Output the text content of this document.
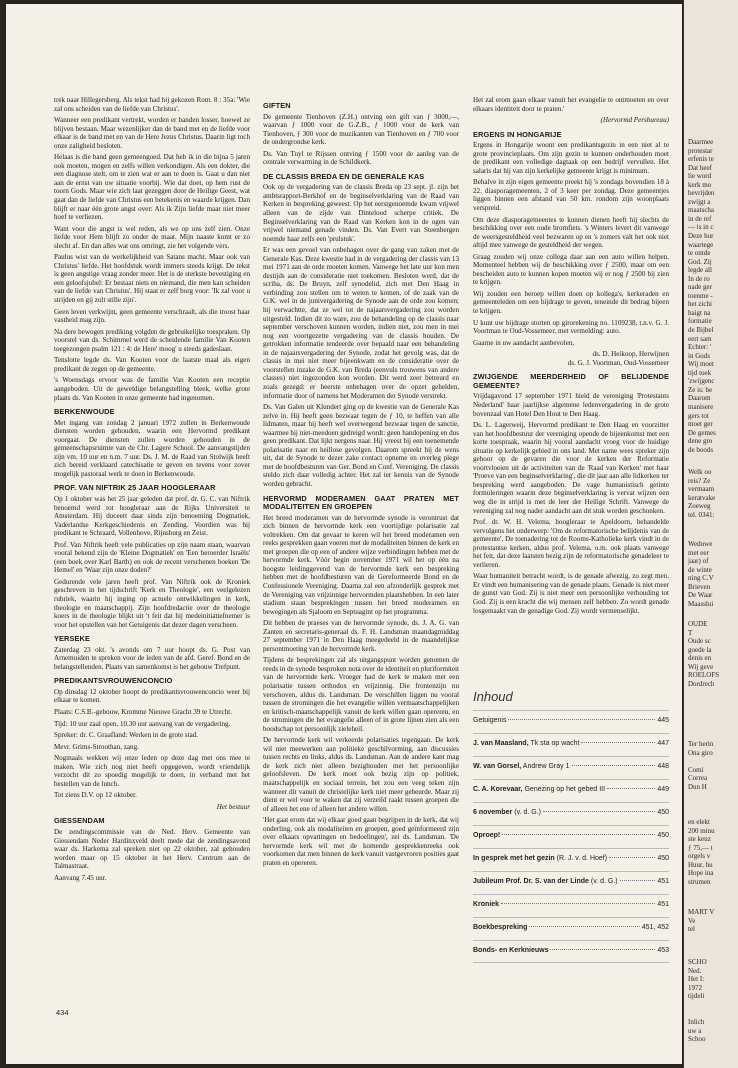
trek naar Hillegersberg. Als tekst had hij gekozen Rom. 8 : 35a: 'Wie zal ons scheiden van de liefde van Christus'.

Wanneer een predikant vertrekt, worden er banden losser, hoewel ze blijven bestaan. Maar wezenlijker dan de band met en de liefde voor elkaar is de band met en van de Here Jezus Christus. Daarin ligt toch onze zaligheid besloten.

Helaas is die band geen gemeengoed. Dat heb ik in die bijna 5 jaren ook moeten, mogen en zelfs willen verkondigen. Als een dokter, die een diagnose stelt, om te zien wat er aan te doen is. Gaat u dan niet aan de ernst van uw situatie voorbij. Wie dat doet, op hem rust de toorn Gods. Maar wie zich laat gezeggen door de Heilige Geest, wat gaat dan de liefde van Christus een betekenis en waarde krijgen. Dan blijft er naar één grote angst over: Als ik Zijn liefde maar niet meer hoef te verliezen.

Want voor die angst is wel reden, als we op ons zelf zien. Onze liefde voor Hem blijft zo onder de maat. Mijn naaste komt er zo slecht af. En dan alles wat ons omringt, zie het volgende vers.

Paulus wist van de werkelijkheid van Satans macht. Maar ook van Christus' liefde. Het hoofdstuk wordt immers steeds krijgt. De tekst is geen angstige vraag zonder meer. Het is de sterkste bevestiging en een geloofsjubel: Er bestaat niets en niemand, die men kan scheiden van de liefde van Christus'. Hij staat er zelf borg voor: 'Ik zal voor u strijden en gij zult stille zijn'.

Geen leven verkwijnt, geen gemeente verschraalt, als die troost haar vastheid mag zijn.

Na dere bewogen prediking volgden de gebruikelijke toespraken. Op voorstel van ds. Schimmel werd de scheidende familie Van Kooten toegezongen psalm 121 : 4: de Here' moog' u steeds gadeslaan.

Tenslotte legde ds. Van Kooten voor de laatste maal als eigen predikant de zegen op de gemeente.

's Woensdags ervoor was de familie Van Kooten een receptie aangeboden. Uit de geweldige belangstelling bleek, welke grote plaats ds. Van Kooten in onze gemeente had ingenomen.

BERKENWOUDE

Met ingang van zondag 2 januari 1972 zullen in Berkenwoude diensten worden gehouden, waarin een Hervormd predikant voorgaat. De diensten zullen worden gehouden in de gemeenschapsruimte van de Chr. Lagere School. De aanvangstijden zijn vm. 10 uur en n.m. 7 uur. Ds. J. M. de Raad van Stolwijk heeft zich bereid verklaard catechisatie te geven en tevens voor zover mogelijk pastoraal werk te doen in Berkenwoude.

PROF. VAN NIFTRIK 25 JAAR HOOGLERAAR

Op 1 oktober was het 25 jaar geleden dat prof. dr. G. C. van Niftrik benoemd werd tot hoogleraar aan de Rijks Universiteit te Amsterdam. Hij doceert daar sinds zijn benoeming Dogmatiek, Vaderlandse Kerkgeschiedenis en Zending. Voordien was hij predikant te Schraard, Vollenhove, Rijnsburg en Zeist.

Prof. Van Niftrik heeft vele publicaties op zijn naam staan, waarvan vooral bekend zijn de 'Kleine Dogmatiek' en 'Een beroerder Israëls' (een boek over Karl Barth) en ook de recent verschenen boeken 'De Hemel' en 'Waar zijn onze doden?'

Gedurende vele jaren heeft prof. Van Niftrik ook de Kroniek geschreven in het tijdschrift 'Kerk en Theologie', een veelgelezen rubriek, waarin hij inging op actuele ontwikkelingen in kerk, theologie en maatschappij. Zijn hoofdredactie over de theologie koers in de theologie blijkt uit 't feit dat hij medeinitiatiefnemer is voor het opstellen van het Getuigenis dat dezer dagen verscheen.

YERSEKE

Zaterdag 23 okt. 's avonds om 7 uur hoopt ds. G. Post van Arnemuiden te spreken voor de leden van de afd. Geref. Bond en de belangstellenden. Plaats van samenkomst is het gebouw Trefpunt.

PREDIKANTSVROUWENCONCIO

Op dinsdag 12 oktober hoopt de predikantsvrouwenconcio weer bij elkaar te komen.

Plaats: C.S.B.-gebouw, Kromme Nieuwe Gracht 39 te Utrecht.

Tijd: 10 uur zaal open, 10.30 uur aanvang van de vergadering.

Spreker: dr. C. Graafland: Werken in de grote stad.

Mevr. Grims-Stroothan, zang.

Nogmaals wekken wij onze leden op deze dag met ons mee te maken. Wie zich nog niet heeft opgegeven, wordt vriendelijk verzocht dit zo spoedig mogelijk te doen, in verband met het bestellen van de lunch.

Tot ziens D.V. op 12 oktober.

Het bestuur

GIESSENDAM

De zendingscommissie van de Ned. Herv. Gemeente van Giessendam Neder Hardinxveld deelt mede dat de zendingsavond waar ds. Harkema zal spreken niet op 22 oktober, zal gehouden worden maar op 15 oktober in het Herv. Centrum aan de Talmastraat.

Aanvang 7.45 uur.

GIFTEN

De gemeente Tienhoven (Z.H.) ontving een gift van ƒ 3000,—, waarvan ƒ 1000 voor de G.Z.B., ƒ 1000 voor de kerk van Tienhoven, ƒ 300 voor de muzikanten van Tienhoven en ƒ 700 voor de ondergrondse kerk.

Ds. Van Tuyl te Rijssen ontving ƒ 1500 voor de aanleg van de centrale verwarming in de Schildkerk.

DE CLASSIS BREDA EN DE GENERALE KAS

Ook op de vergadering van de classis Breda op 23 sept. jl. zijn het ambtsrapport-Berkhof en de beginselverklaring van de Raad van Kerken in bespreking geweest. Op het eerstgenoemde kwam vrijwel alleen van de zijde van Dintelood scherpe critiek. De Beginselverklaring van de Raad van Kerken kon in de ogen van vrijwel niemand genade vinden. Ds. Van Evert van Steenbergen noemde haar zelfs een 'prulstuk'.

Er was een gevoel van onbehagen over de gang van zaken met de Generale Kas. Deze kwestie had in de vergadering der classis van 13 mei 1971 aan de orde moeten komen. Vanwege het late uur kon men destijds aan de consideratie niet toekomen. Besloten werd, dat de scriba, ds. De Bruyn, zelf synodelid, zich met Den Haag in verbinding zou stellen om te weten te komen, of de zaak van de G.K. wel in de junivergadering de Synode aan de orde zou komen; hij verwachtte, dat ze wel tot de najaarsvergadering zou worden uitgesteld. Indien dit zo ware, zou de behandeling op de classis naar september verschoven kunnen worden, indien niet, zou men in mei nog een voortgezette vergadering van de classis houden. De getrokken informatie tendeerde over bepaald naar een behandeling in de najaarsvergadering der Synode, zodat het gevolg was, dat de classis in mei niet meer bijeenkwam en de consideratie over de voorstellen inzake de G.K. van Breda (eenvuls trouwens van andere classes) niet ingezonden kon worden. Dit werd zeer betreurd en zoals gezegd: er heerste onbehagen over de opzet gehelden, informatie door of namens het Moderamen der Synode verstrekt.

Ds. Van Galen uit Klundert ging op de kwestie van de Generale Kas zelve in. Hij heeft geen bezwaar tegen de ƒ 10, te heffen van alle lidmaten, maar hij heeft wel overwegend bezwaar tegen de sanctie, waarmee hij niet-meedoen gedreigd wordt: geen handopening en dus geen predikant. Dat lijkt nergens naar. Hij vreest bij een toenemende polarisatie naar en heillose gevolgen. Daarom spreekt hij de wens uit, dat de Synode te dezer zake contact opneme en overleg plege met de hoofdbesturen van Ger. Bond en Conf. Vereniging. De classis steldo zich daar volledig achter. Het zal ter kennis van de Synode worden gebracht.

HERVORMD MODERAMEN GAAT PRATEN MET MODALITEITEN EN GROEPEN

Het breed moderamen van de hervormde synode is verontrust dat zich binnen de hervormde kerk een voortijdige polarisatie zal voltrekken. Om dat gevaar te keren wil het breed moderamen een reeks gesprekken gaan voeren met de modaliteiten binnen de kerk en met groepen die op een of andere wijze verbindingen hebben met de hervormde kerk. Vóór begin november 1971 wil het op één na hoogste leidinggevend van de hervormde kerk een bespreking hebben met de hoofdbesturen van de Gereformeerde Bond en de Confessionele Vereniging. Daarna zal een afzonderlijk gesprek met de Vereniging van vrijzinnige hervormden plaatshebben. In een later stadium staan besprekingen tussen het breed moderamen en bewegingen als Sjaloom en Septuagint op het programma.

Dit hebben de praeses van de hervormde synode, ds. J. A. G. van Zanten en secretaris-generaal ds. F. H. Landsman maandagmiddag 27 september 1971 in Den Haag meegedeeld in de maandelijkse persontmoeting van de hervormde kerk.

Tijdens de besprekingen zal als uitgangspunt worden genomen de reeds in de synode besproken nota over de identiteit en pluriformiteit van de hervormde kerk. Vroeger had de kerk te maken met een polarisatie tussen orthodox en vrijzinnig. Die frontenzijn nu verschoven, aldus ds. Landsman. De verschillen liggen nu vooral tussen de stromingen die het evangelie willen vermaatschappelijken en kritisch-maatschappelijk vanuit de kerk willen gaan opereren, en de stromingen die het evangelie alleen of in grote lijnen zien als een boodschap tot persoonlijk zieleheil.

De hervormde kerk wil verkeerde polarisaties tegengaan. De kerk wil niet meewerken aan politieke geschilvorming, aan discussies tussen rechts en links, aldus ds. Landsman. Aan de andere kant mag de kerk zich niet alleen bezighouden met het persoonlijke geloofsleven. De kerk moet ook bezig zijn op politiek, maatschappelijk en sociaal terrein, het zou een veeg teken zijn wanneer dit vanuit de christelijke kerk niet meer gebeurde. Maar zij dient er wel voor te waken dat zij verzeild raakt tussen groepen die of alleen het ene of alleen het andere willen.

'Het gaat erom dat wij elkaar goed gaan begrijpen in de kerk, dat wij onderling, ook als modaliteiten en groepen, goed geïnformeerd zijn over elkaars opvattingen en bedoelingen', zei ds. Landsman. 'De hervormde kerk wil met de komende gesprekkenreeks ook voorkomen dat men binnen de kerk vanuit vastgevroren posities gaat praten en opereren.

Het zal erom gaan elkaar vanuit het evangelie te ontmoeten en over elkaars identiteit door te praten.'

(Hervormd Persbureau)

ERGENS IN HONGARIJE

Ergens in Hongarije woont een predikantsgezin in een niet al te grote provincieplaats. Om zijn gezin te kunnen onderhouden moet de predikant een volledige dagtaak op een bedrijf vervullen. Het salaris dat hij van zijn kerkelijke gemeente krijgt is minimum.

Behalve in zijn eigen gemeente preekt hij 's zondags bovendien 18 à 22. diasporagemeenten, 2 of 3 keer per zondag. Deze gemeentjes liggen binnen een afstand van 50 km. rondom zijn woonplaats verspreid.

Om deze diasporagemeentes te kunnen dienen heeft hij slechts de beschikking over een oude bromfiets. 's Winters levert dit vanwege de weersgesteldheid veel bezwaren op en 's zomers valt het ook niet altijd mee vanwege de gesteldheid der wegen.

Graag zouden wij onze collega daar aan een auto willen helpen. Momenteel hebben wij de beschikking over ƒ 2500, maar om een bescheiden auto te kunnen kopen moeten wij er nog ƒ 2500 bij zien te krijgen.

Wij zouden een beroep willen doen op kollega's, kerkeraden en gemeenteleden om een bijdrage te geven, teneinde dit bedrag bijeen te krijgen.

U kunt uw bijdrage storten op girorekening no. 1109238, t.n.v. G. J. Voortman te Oud-Vossemeer, met vermelding: auto.

Gaarne in uw aandacht aanbevolen,

ds. D. Heikoop, Herwijnen

ds. G. J. Voortman, Oud-Vossemeer

ZWIJGENDE MEERDERHEID OF BELIJDENDE GEMEENTE?

Vrijdagavond 17 september 1971 hield de vereniging 'Protestants Nederland' haar jaarlijkse algemene ledenvergadering in de grote bovenzaal van Hotel Den Hout te Den Haag.

Ds. L. Lagerweij, Hervormd predikant te Den Haag en voorzitter van het hoofdbestuur der vereniging opende de bijeenkomst met een korte toespraak, waarin hij vooral aandacht vroeg voor de huidige situatie op kerkelijk gebied in ons land. Met name wees spreker zijn gehoor op de gevaren die voor de kerken der Reformatie voortvloeien uit de activiteiten van de 'Raad van Kerken' met haar 'Proeve van een beginselverklaring', die dit jaar aan alle lidkerken ter bespreking werd aangeboden. De vage humanistisch getinte formuleringen waarin deze beginselverklaring is vervat wijzen een weg die in strijd is met de leer der Heilige Schrift. Vanwege de vereniging zal nog nader aandacht aan dit stuk worden geschonken.

Prof. dr. W. H. Velema, hoogleraar te Apeldoorn, behandelde vervolgens het onderwerp: 'Om de reformatorische belijdenis van de gemeente'. De toenadering tot de Rooms-Katholieke kerk vindt in de protestantse kerken, aldus prof. Velema, o.m. ook plaats vanwege het feit, dat deze laatsten bezig zijn de reformatorische genadeleer te verlieren.

Waar humaniteit betracht wordt, is de genade afwezig, zo zegt men. Er vindt een humanisering van de genade plaats. Genade is niet meer de gunst van God. Zij is niet meer een persoonlijke verhouding tot God. Zij is een kracht die wij mensen zelf hebben. Zo wordt genade losgemaakt van de genadige God. Zij wordt vermenselijkt.

Inhoud
Getuigenis	445
J. van Maasland, Tk sta op wacht	447
W. van Gorsel, Andrew Gray 1	448
C. A. Korevaar, Genezing op het gebed III	449
6 november (v. d. G.)	450
Oproep!	450
In gesprek met het gezin (R. J. v. d. Hoef)	450
Jubileum Prof. Dr. S. van der Linde (v. d. G.)	451
Kroniek	451
Boekbespreking	451, 452
Bonds- en Kerknieuws	453
434
Daarmee
protestar
erfenis te
Dat heef
lie word
kerk mo
bevrijden
zwijgt a
maatscha
in de ref
— is in c
Deze hur
waartege
te ontde
God. Zij
legde all
In de ro
nade ger
toenme -
het zichi
haigt na
formatie
de Bijbel
eert sam
Echter: '
in Gods
Wij moet
tijd toek
'zwijgenc
Ze is: be
Daarom
manisere
gers tot
moet ger
De gemes
dene gro
de boods
Welk oo
reis? Ze
vermaam
keratvake
Zoeweg
tel. 0341:
Weduwe
met eer
jaar) of
de winte
ning C.V
Brieven
De Waar
Maasslui
OUDE
T
Oude sc
goede la
denis en
Wij geve
ROELOFS
Dordrech
Ter herin
Ona giro

Comi
Correa
Dun H
en elekt
200 minu
ste keuz
ƒ 75,— t
orgels v
Huur, hu
Hope ina
strumen
MART V
Ve
tel
SCHO
Ned.
Het I:
1972
tijdeli
Inlich
uw a
Schoo
